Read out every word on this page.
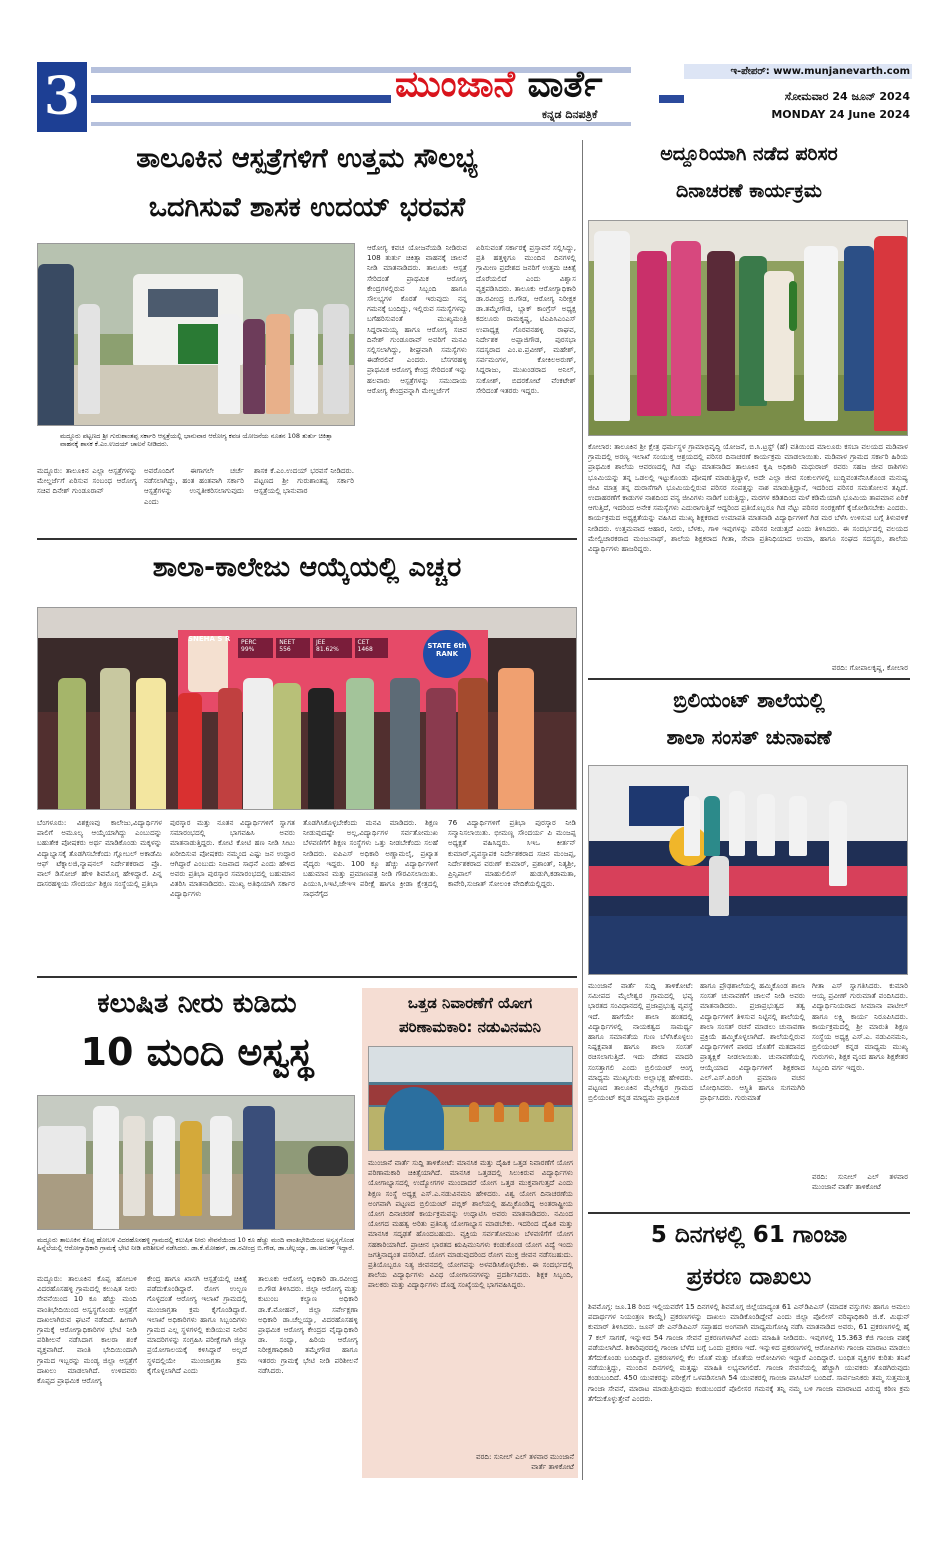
3	ಮುಂಜಾನೆ ವಾರ್ತೆ
ಕನ್ನಡ ದಿನಪತ್ರಿಕೆ
ಇ-ಪೇಪರ್: www.munjanevarth.com
ಸೋಮವಾರ 24 ಜೂನ್ 2024
MONDAY 24 June 2024
ತಾಲೂಕಿನ ಆಸ್ಪತ್ರೆಗಳಿಗೆ ಉತ್ತಮ ಸೌಲಭ್ಯ
ಒದಗಿಸುವೆ ಶಾಸಕ ಉದಯ್ ಭರವಸೆ
ಮದ್ದೂರು ಪಟ್ಟಣದ ಶ್ರೀ ಗುರುಶಾಂತಪ್ಪ ಸರ್ಕಾರಿ ಆಸ್ಪತ್ರೆಯಲ್ಲಿ ಭಾನುವಾರ ಆರೋಗ್ಯ ಕವಚ ಯೋಜನೆಯ ನೂತನ 108 ತುರ್ತು ಚಿಕಿತ್ಸಾ ವಾಹನಕ್ಕೆ ಶಾಸಕ ಕೆ.ಎಂ.ಉದಯ್ ಚಾಲನೆ ನೀಡಿದರು.
ಮದ್ದೂರು: ತಾಲೂಕಿನ ಎಲ್ಲಾ ಆಸ್ಪತ್ರೆಗಳನ್ನು ಮೇಲ್ದರ್ಜೆಗೆ ಏರಿಸುವ ಸಂಬಂಧ ಆರೋಗ್ಯ ಸಚಿವ ದಿನೇಶ್ ಗುಂಡೂರಾವ್
ಅವರೊಂದಿಗೆ ಈಗಾಗಲೇ ಚರ್ಚೆ ನಡೆಸಲಾಗಿದ್ದು, ಹಂತ ಹಂತವಾಗಿ ಸರ್ಕಾರಿ ಆಸ್ಪತ್ರೆಗಳನ್ನು ಉನ್ನತೀಕರಿಸಲಾಗುವುದು ಎಂದು
ಶಾಸಕ ಕೆ.ಎಂ.ಉದಯ್ ಭರವಸೆ ನೀಡಿದರು. ಪಟ್ಟಣದ ಶ್ರೀ ಗುರುಶಾಂತಪ್ಪ ಸರ್ಕಾರಿ ಆಸ್ಪತ್ರೆಯಲ್ಲಿ ಭಾನುವಾರ
ಆರೋಗ್ಯ ಕವಚ ಯೋಜನೆಯಡಿ ನೀಡಿರುವ 108 ತುರ್ತು ಚಿಕಿತ್ಸಾ ವಾಹನಕ್ಕೆ ಚಾಲನೆ ನೀಡಿ ಮಾತನಾಡಿದರು. ತಾಲೂಕು ಆಸ್ಪತ್ರೆ ಸೇರಿದಂತೆ ಪ್ರಾಥಮಿಕ ಆರೋಗ್ಯ ಕೇಂದ್ರಗಳಲ್ಲಿರುವ ಸಿಬ್ಬಂದಿ ಹಾಗೂ ಸೌಲಭ್ಯಗಳ ಕೊರತೆ ಇರುವುದು ನನ್ನ ಗಮನಕ್ಕೆ ಬಂದಿದ್ದು, ಇಲ್ಲಿರುವ ಸಮಸ್ಯೆಗಳನ್ನು ಬಗೆಹರಿಸುವಂತೆ ಮುಖ್ಯಮಂತ್ರಿ ಸಿದ್ದರಾಮಯ್ಯ ಹಾಗೂ ಆರೋಗ್ಯ ಸಚಿವ ದಿನೇಶ್ ಗುಂಡೂರಾವ್ ಅವರಿಗೆ ಮನವಿ ಸಲ್ಲಿಸಲಾಗಿದ್ದು, ಶೀಘ್ರವಾಗಿ ಸಮಸ್ಯೆಗಳು ಈಡೇರಲಿವೆ ಎಂದರು. ಬೆಸಗರಹಳ್ಳಿ ಪ್ರಾಥಮಿಕ ಆರೋಗ್ಯ ಕೇಂದ್ರ ಸೇರಿದಂತೆ ಇನ್ನು ಹಲವಾರು ಆಸ್ಪತ್ರೆಗಳನ್ನು ಸಮುದಾಯ ಆರೋಗ್ಯ ಕೇಂದ್ರವನ್ನಾಗಿ ಮೇಲ್ದರ್ಜೆಗೆ
ಏರಿಸುವಂತೆ ಸರ್ಕಾರಕ್ಕೆ ಪ್ರಸ್ತಾವನೆ ಸಲ್ಲಿಸಿದ್ದು, ಪ್ರತಿ ಹತ್ತಳ್ಳಿಗೂ ಮುಂದಿನ ದಿನಗಳಲ್ಲಿ ಗ್ರಾಮೀಣ ಪ್ರದೇಶದ ಜನರಿಗೆ ಉತ್ತಮ ಚಿಕಿತ್ಸೆ ದೊರೆಯಲಿದೆ ಎಂದು ವಿಶ್ವಾಸ ವ್ಯಕ್ತಪಡಿಸಿದರು. ತಾಲೂಕು ಆರೋಗ್ಯಾಧಿಕಾರಿ ಡಾ.ರವೀಂದ್ರ ಬಿ.ಗೌಡ, ಆರೋಗ್ಯ ನಿರೀಕ್ಷಕ ಡಾ.ತಮ್ಮೇಗೌಡ, ಬ್ಲಾಕ್ ಕಾಂಗ್ರೆಸ್ ಅಧ್ಯಕ್ಷ ಕದಲೂರು ರಾಮಕೃಷ್ಣ, ಟಿಎಪಿಸಿಎಂಎಸ್ ಉಪಾಧ್ಯಕ್ಷ ಗೊರವನಹಳ್ಳಿ ರಾಘವ, ನಿರ್ದೇಶಕ ಅಪ್ಪಾಜಿಗೌಡ, ಪುರಸಭಾ ಸದಸ್ಯರಾದ ಎಂ.ಐ.ಪ್ರವೀಣ್, ಮಹೇಶ್, ಸರ್ವಮಂಗಳ, ಕೋಕಿಲಅರುಣ್, ಸಿದ್ದರಾಜು, ಮುಖಂಡರಾದ ಅನಿಲ್, ಸುಕೋಶ್, ಬಿದರಕೋಟೆ ವೆಂಕಟೇಶ್ ಸೇರಿದಂತೆ ಇತರರು ಇದ್ದರು.
ಶಾಲಾ-ಕಾಲೇಜು ಆಯ್ಕೆಯಲ್ಲಿ ಎಚ್ಚರ
SNEHA S R	PERC 99%
NEET 556
JEE 81.62%
CET 1468	STATE 6th RANK
ಬೆಂಗಳೂರು: ವಿಶಕ್ಷಣವು ಕಾಲೇಜು,ವಿದ್ಯಾರ್ಥಿಗಳ ಪಾಲಿಗೆ ಅಮೂಲ್ಯ ಆಯ್ಕೆಯಾಗಿದ್ದು ಎಂಬುದನ್ನು ಬಹುತೇಕ ಪೋಷಕರು ಅರ್ಥ ಮಾಡಿಕೊಂಡು ಮಕ್ಕಳನ್ನು ವಿದ್ಯಾಭ್ಯಾಸಕ್ಕೆ ತೊಡಗಿಸಬೇಕೆಂದು ಗ್ಲೋಬಲ್ ಅಕಾಡೆಮಿ ಆಫ್ ಟೆಕ್ನಾಲಜಿ,ನ್ಯಾಷನಲ್ ನಿರ್ದೇಶಕರಾದ ಪ್ರೊ. ವಾಲ್ ಡಿಸೋಜ್ ಹೇಳಿ ಶಿವಮೊಗ್ಗ ಹೇಳಿದ್ದಾರೆ. ಪಿನ್ನ ದಾಸರಹಳ್ಳಿಯ ಸೌಂದರ್ಯ ಶಿಕ್ಷಣ ಸಂಸ್ಥೆಯಲ್ಲಿ ಪ್ರತಿಭಾ
ಪುರಸ್ಕಾರ ಮತ್ತು ನೂತನ ವಿದ್ಯಾರ್ಥಿಗಳಿಗೆ ಸ್ವಾಗತ ಸಮಾರಂಭದಲ್ಲಿ ಭಾಗವಹಿಸಿ ಅವರು ಮಾತನಾಡುತ್ತಿದ್ದರು. ಕೋಟಿ ಕೋಟಿ ಹಣ ನೀಡಿ ಸೀಟು ಖರೀದಿಸುವ ಪೋಷಕರು ನಮ್ಮಂದ ಎಷ್ಟು ಜನ ಉದ್ಧಾರ ಆಗಿದ್ದಾರೆ ಎಂಬುದು ನಿಜವಾದ ಸಾಧನೆ ಎಂದು ಹೇಳಿದ ಅವರು ಪ್ರತಿಭಾ ಪುರಸ್ಕಾರ ಸಮಾರಂಭದಲ್ಲಿ ಬಹುಮಾನ ವಿತರಿಸಿ ಮಾತನಾಡಿದರು. ಮುಖ್ಯ ಅತಿಥಿಯಾಗಿ ಸರ್ಕಾರ ವಿದ್ಯಾರ್ಥಿಗಳು
ತೊಡಗಿಸಿಕೊಳ್ಳಬೇಕೆಂದು ಮನವಿ ಮಾಡಿದರು. ಶಿಕ್ಷಣ ನೀಡುವುದಷ್ಟೇ ಅಲ್ಲ,ವಿದ್ಯಾರ್ಥಿಗಳ ಸರ್ವತೋಮುಖ ಬೆಳವಣಿಗೆಗೆ ಶಿಕ್ಷಣ ಸಂಸ್ಥೆಗಳು ಒತ್ತು ನೀಡಬೇಕೆಂದು ಸಲಹೆ ನೀಡಿದರು. ಐಪಿಎಸ್ ಅಧಿಕಾರಿ ಅಣ್ಣಾಮಲೈ, ಪ್ರಖ್ಯಾತ ವೈದ್ಯರು ಇದ್ದರು. 100 ಕ್ಕೂ ಹೆಚ್ಚು ವಿದ್ಯಾರ್ಥಿಗಳಿಗೆ ಬಹುಮಾನ ಮತ್ತು ಪ್ರಮಾಣಪತ್ರ ನೀಡಿ ಗೌರವಿಸಲಾಯಿತು. ಪಿಯುಸಿ,ಸಿಇಟಿ,ಜೇಇಇ ಪರೀಕ್ಷೆ ಹಾಗೂ ಕ್ರೀಡಾ ಕ್ಷೇತ್ರದಲ್ಲಿ ಸಾಧನೆಗೈದ
76 ವಿದ್ಯಾರ್ಥಿಗಳಿಗೆ ಪ್ರತಿಭಾ ಪುರಸ್ಕಾರ ನೀಡಿ ಸನ್ಮಾನಿಸಲಾಯಿತು. ಭೀಮಣ್ಣ ಸೌಂದರ್ಯ ಪಿ ಮಂಜಪ್ಪ ಅಧ್ಯಕ್ಷತೆ ವಹಿಸಿದ್ದರು. ಸಿಇಒ ಕೀರ್ತನ್ ಕುಮಾರ್,ವ್ಯವಸ್ಥಾಪಕ ನಿರ್ದೇಶಕರಾದ ಸಚಿನ ಮಂಜಪ್ಪ, ನಿರ್ದೇಶಕರಾದ ವರುಣ್ ಕುಮಾರ್, ಪ್ರಶಾಂತ್, ನಿತ್ಯಶ್ರೀ, ಪ್ರಿನ್ಸಿಪಾಲ್ ಮಾಹುಲಿಲಿಸ್ ಹುಡುಗಿ,ಕಡಾಮತಾ, ಕಾವೇರಿ,ಸುಜಾತ್ ಸೋಲಂಕಿ ವೇದಿಕೆಯಲ್ಲಿದ್ದರು.
ಕಲುಷಿತ ನೀರು ಕುಡಿದು
10 ಮಂದಿ ಅಸ್ವಸ್ಥ
ಮದ್ದೂರು ತಾಲೂಕಿನ ಕೊಪ್ಪ ಹೋಬಳಿ ವಿದರಹೊಸಹಳ್ಳಿ ಗ್ರಾಮದಲ್ಲಿ ಕಲುಷಿತ ನೀರು ಸೇವನೆಯಿಂದ 10 ಕೂ ಹೆಚ್ಚು ಮಂದಿ ವಾಂತಿಭೇದಿಯಿಂದ ಅಸ್ವಸ್ಥಗೊಂಡ ಹಿನ್ನೆಲೆಯಲ್ಲಿ ಆರೋಗ್ಯಾಧಿಕಾರಿ ಗ್ರಾಮಕ್ಕೆ ಭೇಟಿ ನೀಡಿ ಪರಿಶೀಲನೆ ನಡೆಸಿದರು. ಡಾ.ಕೆ.ಮೋಹನ್, ಡಾ.ರವೀಂದ್ರ ಬಿ.ಗೌಡ, ಡಾ.ಚೆಲ್ಲಯ್ಯಾ, ಡಾ.ಅರುಣ್ ಇದ್ದಾರೆ.
ಮದ್ದೂರು: ತಾಲೂಕಿನ ಕೊಪ್ಪ ಹೋಬಳಿ ವಿದರಹೊಸಹಳ್ಳಿ ಗ್ರಾಮದಲ್ಲಿ ಕಲುಷಿತ ನೀರು ಸೇವನೆಯಿಂದ 10 ಕೂ ಹೆಚ್ಚು ಮಂದಿ ವಾಂತಿಭೇದಿಯಿಂದ ಅಸ್ವಸ್ಥಗೊಂಡು ಆಸ್ಪತ್ರೆಗೆ ದಾಖಲಾಗಿರುವ ಘಟನೆ ನಡೆದಿದೆ. ಹೀಗಾಗಿ ಗ್ರಾಮಕ್ಕೆ ಆರೋಗ್ಯಾಧಿಕಾರಿಗಳ ಭೇಟಿ ನೀಡಿ ಪರಿಶೀಲನೆ ನಡೆಸಿದಾಗ ಕಾಲರಾ ಶಂಕೆ ವ್ಯಕ್ತವಾಗಿದೆ. ವಾಂತಿ ಭೇದಿಯಿಂದಾಗಿ ಗ್ರಾಮದ ಇಬ್ಬರನ್ನು ಮಂಡ್ಯ ಜಿಲ್ಲಾ ಆಸ್ಪತ್ರೆಗೆ ದಾಖಲು ಮಾಡಲಾಗಿದೆ. ಉಳಿದವರು ಕೊಪ್ಪದ ಪ್ರಾಥಮಿಕ ಆರೋಗ್ಯ
ಕೇಂದ್ರ ಹಾಗೂ ಖಾಸಗಿ ಆಸ್ಪತ್ರೆಯಲ್ಲಿ ಚಿಕಿತ್ಸೆ ಪಡೆದುಕೊಂಡಿದ್ದಾರೆ. ರೋಗ ಉಲ್ಬಣ ಗೊಳ್ಳದಂತೆ ಆರೋಗ್ಯ ಇಲಾಖೆ ಗ್ರಾಮದಲ್ಲಿ ಮುಂಜಾಗ್ರತಾ ಕ್ರಮ ಕೈಗೊಂಡಿದ್ದಾರೆ. ಇಲಾಖೆ ಅಧಿಕಾರಿಗಳು ಹಾಗೂ ಸಿಬ್ಬಂದಿಗಳು ಗ್ರಾಮದ ಎಲ್ಲ ಸ್ಥಳಗಳಲ್ಲಿ ಕುಡಿಯುವ ನೀರಿನ ಮಾದರಿಗಳನ್ನು ಸಂಗ್ರಹಿಸಿ ಪರೀಕ್ಷೆಗಾಗಿ ಜಿಲ್ಲಾ ಪ್ರಯೋಗಾಲಯಕ್ಕೆ ಕಳಿಸಿದ್ದಾರೆ ಅಲ್ಲದೆ ಸ್ಥಳದಲ್ಲಿಯೇ ಮುಂಜಾಗ್ರತಾ ಕ್ರಮ ಕೈಗೊಳ್ಳಲಾಗಿದೆ ಎಂದು
ತಾಲೂಕು ಆರೋಗ್ಯ ಅಧಿಕಾರಿ ಡಾ.ರವೀಂದ್ರ ಬಿ.ಗೌಡ ತಿಳಿಸಿದರು. ಜಿಲ್ಲಾ ಆರೋಗ್ಯ ಮತ್ತು ಕುಟುಂಬ ಕಲ್ಯಾಣ ಅಧಿಕಾರಿ ಡಾ.ಕೆ.ಮೋಹನ್, ಜಿಲ್ಲಾ ಸರ್ವೇಕ್ಷಣಾ ಅಧಿಕಾರಿ ಡಾ.ಚೆಲ್ಲಯ್ಯಾ, ವಿದರಹೊಸಹಳ್ಳಿ ಪ್ರಾಥಮಿಕ ಆರೋಗ್ಯ ಕೇಂದ್ರದ ವೈದ್ಯಾಧಿಕಾರಿ ಡಾ. ಸಂಧ್ಯಾ, ಹಿರಿಯ ಆರೋಗ್ಯ ನಿರೀಕ್ಷಣಾಧಿಕಾರಿ ತಮ್ಮೇಗೌಡ ಹಾಗೂ ಇತರರು ಗ್ರಾಮಕ್ಕೆ ಭೇಟಿ ನೀಡಿ ಪರಿಶೀಲನೆ ನಡೆಸಿದರು.
ಒತ್ತಡ ನಿವಾರಣೆಗೆ ಯೋಗ
ಪರಿಣಾಮಕಾರಿ: ನಡುವಿನಮನಿ
ಮುಂಜಾನೆ ವಾರ್ತೆ ಸುದ್ದಿ ತಾಳಿಕೋಟೆ: ಮಾನಸಿಕ ಮತ್ತು ದೈಹಿಕ ಒತ್ತಡ ನಿವಾರಣೆಗೆ ಯೋಗ ಪರಿಣಾಮಕಾರಿ ಚಿಕಿತ್ಸೆಯಾಗಿದೆ. ಮಾನಸಿಕ ಒತ್ತಡದಲ್ಲಿ ಸಿಲುಕಿರುವ ವಿದ್ಯಾರ್ಥಿಗಳು ಯೋಗಾಭ್ಯಾಸದಲ್ಲಿ ಉದ್ಯೋಗಗಳ ಮುಂದಾದರೆ ಯೋಗ ಒತ್ತಡ ಮುಕ್ತವಾಗುತ್ತದೆ ಎಂದು ಶಿಕ್ಷಣ ಸಂಸ್ಥೆ ಅಧ್ಯಕ್ಷ ಎಸ್.ಎ.ನಡುವಿನಮನಿ ಹೇಳಿದರು. ವಿಶ್ವ ಯೋಗ ದಿನಾಚರಣೆಯ ಅಂಗವಾಗಿ ಪಟ್ಟಣದ ಬ್ರಿಲಿಯಂಟ್ ಪಬ್ಲಿಕ್ ಶಾಲೆಯಲ್ಲಿ ಹಮ್ಮಿಕೊಂಡಿದ್ದ ಅಂತರಾಷ್ಟ್ರೀಯ ಯೋಗ ದಿನಾಚರಣೆ ಕಾರ್ಯಕ್ರಮವನ್ನು ಉದ್ಘಾಟಿಸಿ ಅವರು ಮಾತನಾಡಿದರು. ನಮಿಂದ ಯೋಗದ ಮಹತ್ವ ಅರಿತು ಪ್ರತಿನಿತ್ಯ ಯೋಗಾಭ್ಯಾಸ ಮಾಡಬೇಕು. ಇದರಿಂದ ದೈಹಿಕ ಮತ್ತು ಮಾನಸಿಕ ಸದೃಢತೆ ಹೊಂದಬಹುದು. ವ್ಯಕ್ತಿಯ ಸರ್ವತೋಮುಖ ಬೆಳವಣಿಗೆಗೆ ಯೋಗ ಸಹಕಾರಿಯಾಗಿದೆ. ಪ್ರಾಚೀನ ಭಾರತದ ಋಷಿಮುನಿಗಳು ಕಂಡುಕೊಂಡ ಯೋಗ ವಿದ್ಯೆ ಇಂದು ಜಗತ್ತಿನಾದ್ಯಂತ ಪಸರಿಸಿದೆ. ಯೋಗ ಮಾಡುವುದರಿಂದ ರೋಗ ಮುಕ್ತ ಜೀವನ ನಡೆಸಬಹುದು. ಪ್ರತಿಯೊಬ್ಬರೂ ನಿತ್ಯ ಜೀವನದಲ್ಲಿ ಯೋಗವನ್ನು ಅಳವಡಿಸಿಕೊಳ್ಳಬೇಕು. ಈ ಸಂದರ್ಭದಲ್ಲಿ ಶಾಲೆಯ ವಿದ್ಯಾರ್ಥಿಗಳು ವಿವಿಧ ಯೋಗಾಸನಗಳನ್ನು ಪ್ರದರ್ಶಿಸಿದರು. ಶಿಕ್ಷಕ ಸಿಬ್ಬಂದಿ, ಪಾಲಕರು ಮತ್ತು ವಿದ್ಯಾರ್ಥಿಗಳು ದೊಡ್ಡ ಸಂಖ್ಯೆಯಲ್ಲಿ ಭಾಗವಹಿಸಿದ್ದರು.
ವರದಿ: ಸುನೀಲ್ ಎಲ್ ತಳವಾರ ಮುಂಜಾನೆ ವಾರ್ತೆ ತಾಳಿಕೋಟೆ
ಅದ್ದೂರಿಯಾಗಿ ನಡೆದ ಪರಿಸರ
ದಿನಾಚರಣೆ ಕಾರ್ಯಕ್ರಮ
ಕೋಲಾರ: ತಾಲೂಕಿನ ಶ್ರೀ ಕ್ಷೇತ್ರ ಧರ್ಮಸ್ಥಳ ಗ್ರಾಮಾಭಿವೃದ್ಧಿ ಯೋಜನೆ, ಬಿ.ಸಿ.ಟ್ರಸ್ಟ್ (ಹೆ) ವತಿಯಿಂದ ಮಾಲೂರು ಕಸಬಾ ವಲಯದ ಮಡಿವಾಳ ಗ್ರಾಮದಲ್ಲಿ ಅರಣ್ಯ ಇಲಾಖೆ ಸಂಯುಕ್ತ ಆಶ್ರಯದಲ್ಲಿ ಪರಿಸರ ದಿನಾಚರಣೆ ಕಾರ್ಯಕ್ರಮ ಮಾಡಲಾಯಿತು. ಮಡಿವಾಳ ಗ್ರಾಮದ ಸರ್ಕಾರಿ ಹಿರಿಯ ಪ್ರಾಥಮಿಕ ಶಾಲೆಯ ಆವರಣದಲ್ಲಿ ಗಿಡ ನೆಟ್ಟು ಮಾತನಾಡಿದ ತಾಲೂಕಿನ ಕೃಷಿ ಅಧಿಕಾರಿ ಮಧುರಾಜ್ ರವರು ಸಹಜ ಜೀವ ರಾಶಿಗಳು ಭೂಮಿಯನ್ನು ತನ್ನ ಒಡಲಲ್ಲಿ ಇಟ್ಟುಕೊಂಡು ಪೋಷಣೆ ಮಾಡುತ್ತಿದ್ದಾಳೆ, ಅದೇ ಎಲ್ಲಾ ಜೀವ ಸಂಕುಲಗಳಲ್ಲಿ ಬುದ್ಧಿವಂತನೆನಿಸಿಕೊಂಡ ಮನುಷ್ಯ ಜೀವಿ ಮಾತ್ರ ತನ್ನ ದುರಾಸೆಗಾಗಿ ಭೂಮಿಯಲ್ಲಿರುವ ಪರಿಸರ ಸಂಪತ್ತನ್ನು ನಾಶ ಮಾಡುತ್ತಿದ್ದಾನೆ, ಇದರಿಂದ ಪರಿಸರ ಸಮತೋಲನ ತಪ್ಪಿದೆ. ಉದಾಹರಣೆಗೆ ಕಾಡುಗಳ ನಾಶದಿಂದ ವನ್ಯ ಜೀವಿಗಳು ನಾಡಿಗೆ ಬರುತ್ತಿದ್ದು, ಮರಗಳ ಕಡಿತದಿಂದ ಮಳೆ ಕಡಿಮೆಯಾಗಿ ಭೂಮಿಯ ತಾಪಮಾನ ಏರಿಕೆ ಆಗುತ್ತಿದೆ, ಇದರಿಂದ ಅನೇಕ ಸಮಸ್ಯೆಗಳು ಎದುರಾಗುತ್ತಿವೆ ಆದ್ದರಿಂದ ಪ್ರತಿಯೊಬ್ಬರೂ ಗಿಡ ನೆಟ್ಟು ಪರಿಸರ ಸಂರಕ್ಷಣೆಗೆ ಕೈಜೋಡಿಸಬೇಕು ಎಂದರು. ಕಾರ್ಯಕ್ರಮದ ಅಧ್ಯಕ್ಷತೆಯನ್ನು ವಹಿಸಿದ ಮುಖ್ಯ ಶಿಕ್ಷಕರಾದ ಉಮಾಪತಿ ಮಾತನಾಡಿ ವಿದ್ಯಾರ್ಥಿಗಳಿಗೆ ಗಿಡ ಮರ ಬೆಳೆಸಿ ಉಳಿಸುವ ಬಗ್ಗೆ ತಿಳುವಳಿಕೆ ನೀಡಿದರು. ಉತ್ತಮವಾದ ಆಹಾರ, ನೀರು, ಬೆಳಕು, ಗಾಳಿ ಇವುಗಳನ್ನು ಪರಿಸರ ನೀಡುತ್ತದೆ ಎಂದು ತಿಳಿಸಿದರು. ಈ ಸಂದರ್ಭದಲ್ಲಿ ವಲಯದ ಮೇಲ್ವಿಚಾರಕರಾದ ಮಂಜುನಾಥ್, ಶಾಲೆಯ ಶಿಕ್ಷಕರಾದ ಗೀತಾ, ಸೇವಾ ಪ್ರತಿನಿಧಿಯಾದ ಉಮಾ, ಹಾಗೂ ಸಂಘದ ಸದಸ್ಯರು, ಶಾಲೆಯ ವಿದ್ಯಾರ್ಥಿಗಳು ಹಾಜರಿದ್ದರು.
ವರದಿ: ಗೋಪಾಲಕೃಷ್ಣ, ಕೋಲಾರ
ಬ್ರಿಲಿಯಂಟ್ ಶಾಲೆಯಲ್ಲಿ
ಶಾಲಾ ಸಂಸತ್ ಚುನಾವಣೆ
ಮುಂಜಾನೆ ವಾರ್ತೆ ಸುದ್ದಿ ತಾಳಿಕೋಟೆ: ಸಮೀಪದ ಮೈಲೇಶ್ವರ ಗ್ರಾಮದಲ್ಲಿ ಭವ್ಯ ಭಾರತದ ಸಂವಿಧಾನದಲ್ಲಿ ಪ್ರಜಾಪ್ರಭುತ್ವ ವ್ಯವಸ್ಥೆ ಇದೆ. ಹಾಗೆಯೇ ಶಾಲಾ ಹಂತದಲ್ಲಿ ವಿದ್ಯಾರ್ಥಿಗಳಲ್ಲಿ ನಾಯಕತ್ವದ ಸಾಮರ್ಥ್ಯ ಹಾಗೂ ಸಮಾನತೆಯ ಗುಣ ಬೆಳೆಸಿಕೊಳ್ಳಲು ನಿಷ್ಪಕ್ಷಪಾತ ಹಾಗೂ ಶಾಲಾ ಸಂಸತ್ ರಚಿಸಲಾಗುತ್ತಿದೆ. ಇದು ದೇಶದ ಮಾದರಿ ಸಂಸತ್ತಾಗಲಿ ಎಂದು ಬ್ರಿಲಿಯಂಟ್ ಆಂಗ್ಲ ಮಾಧ್ಯಮ ಮುಖ್ಯಗುರು ಅಲ್ಲಾಭಕ್ಷ ಹೇಳಿದರು. ಪಟ್ಟಣದ ತಾಲೂಕಿನ ಮೈಲೇಶ್ವರ ಗ್ರಾಮದ ಬ್ರಿಲಿಯಂಟ್ ಕನ್ನಡ ಮಾಧ್ಯಮ ಪ್ರಾಥಮಿಕ
ಹಾಗೂ ಪ್ರೌಢಶಾಲೆಯಲ್ಲಿ ಹಮ್ಮಿಕೊಂಡ ಶಾಲಾ ಸಂಸತ್ ಚುನಾವಣೆಗೆ ಚಾಲನೆ ನೀಡಿ ಅವರು ಮಾತನಾಡಿದರು. ಪ್ರಜಾಪ್ರಭುತ್ವದ ತತ್ವ ವಿದ್ಯಾರ್ಥಿಗಳಿಗೆ ತಿಳಿಸುವ ನಿಟ್ಟಿನಲ್ಲಿ ಶಾಲೆಯಲ್ಲಿ ಶಾಲಾ ಸಂಸತ್ ರಚನೆ ಮಾಡಲು ಚುನಾವಣಾ ಪ್ರಕ್ರಿಯೆ ಹಮ್ಮಿಕೊಳ್ಳಲಾಗಿದೆ. ಶಾಲೆಯಲ್ಲಿರುವ ವಿದ್ಯಾರ್ಥಿಗಳಿಗೆ ಪಾಠದ ಜೊತೆಗೆ ಮತದಾನದ ಪ್ರಾತ್ಯಕ್ಷಿಕೆ ನೀಡಲಾಯಿತು. ಚುನಾವಣೆಯಲ್ಲಿ ಆಯ್ಕೆಯಾದ ವಿದ್ಯಾರ್ಥಿಗಳಿಗೆ ಶಿಕ್ಷಕರಾದ ಎಲ್.ಎಸ್.ಪಿರಂಗಿ ಪ್ರಮಾಣ ವಚನ ಬೋಧಿಸಿದರು. ಆಸ್ಥಿತಿ ಹಾಗೂ ಸುಗಮಗಿರಿ ಪ್ರಾರ್ಥಿಸಿದರು. ಗುರುಮಾತೆ
ಗೀತಾ ಎಸ್ ಸ್ವಾಗತಿಸಿದರು. ಕುಮಾರಿ ಆಯ್ಯ ಪ್ರವೀಣ್ ಗುರುಮಾತೆ ವಂದಿಸಿದರು. ವಿದ್ಯಾರ್ಥಿನಿಯರಾದ ಸೀಮಾನಾ ಪಾಟೀಲ್ ಹಾಗೂ ಲಕ್ಷ್ಮಿ ಕಾರ್ಯ ನಿರೂಪಿಸಿದರು. ಕಾರ್ಯಕ್ರಮದಲ್ಲಿ ಶ್ರೀ ಮಾರುತಿ ಶಿಕ್ಷಣ ಸಂಸ್ಥೆಯ ಅಧ್ಯಕ್ಷ ಎಸ್.ಎ. ನಡುವಿನಮನಿ, ಬ್ರಿಲಿಯಂಟ್ ಕನ್ನಡ ಮಾಧ್ಯಮ ಮುಖ್ಯ ಗುರುಗಳು, ಶಿಕ್ಷಕ ವೃಂದ ಹಾಗೂ ಶಿಕ್ಷಕೇತರ ಸಿಬ್ಬಂದಿ ವರ್ಗ ಇದ್ದರು.
ವರದಿ: ಸುನೀಲ್ ಎಲ್ ತಳವಾರ ಮುಂಜಾನೆ ವಾರ್ತೆ ತಾಳಿಕೋಟೆ
5 ದಿನಗಳಲ್ಲಿ 61 ಗಾಂಜಾ
ಪ್ರಕರಣ ದಾಖಲು
ಶಿವಮೊಗ್ಗ: ಜೂ.18 ರಿಂದ ಇಲ್ಲಿಯವರೆಗೆ 15 ದಿನಗಳಲ್ಲಿ ಶಿವಮೊಗ್ಗ ಜಿಲ್ಲೆಯಾದ್ಯಂತ 61 ಎನ್‌ಡಿಪಿಎಸ್ (ಮಾದಕ ವಸ್ತುಗಳು ಹಾಗೂ ಅಮಲು ಪದಾರ್ಥಗಳ ನಿಯಂತ್ರಣ ಕಾಯ್ದೆ) ಪ್ರಕರಣಗಳನ್ನು ದಾಖಲು ಮಾಡಿಕೊಂಡಿದ್ದೇವೆ ಎಂದು ಜಿಲ್ಲಾ ಪೊಲೀಸ್ ವರಿಷ್ಠಾಧಿಕಾರಿ ಜಿ.ಕೆ. ಮಿಥುನ್ ಕುಮಾರ್ ತಿಳಿಸಿದರು. ಜೂನ್ ಡೇ ಎನ್‌ಡಿಪಿಎಸ್ ಸಪ್ತಾಹದ ಅಂಗವಾಗಿ ಮಾಧ್ಯಮಗೋಷ್ಠಿ ನಡೆಸಿ ಮಾತನಾಡಿದ ಅವರು, 61 ಪ್ರಕರಣಗಳಲ್ಲಿ ಹೈ 7 ಕಲ್ ಸಾಗಣೆ, ಇನ್ನುಳಿದ 54 ಗಾಂಜಾ ಸೇವನೆ ಪ್ರಕರಣಗಳಾಗಿವೆ ಎಂದು ಮಾಹಿತಿ ನೀಡಿದರು. ಇವುಗಳಲ್ಲಿ 15.363 ಕೆಜಿ ಗಾಂಜಾ ವಶಕ್ಕೆ ಪಡೆಯಲಾಗಿದೆ. ಶಿಕಾರಿಪುರದಲ್ಲಿ ಗಾಂಜಾ ಬೆಳೆದ ಬಗ್ಗೆ ಒಂದು ಪ್ರಕರಣ ಇದೆ. ಇನ್ನುಳಿದ ಪ್ರಕರಣಗಳಲ್ಲಿ ಆರೋಪಿಗಳು ಗಾಂಜಾ ಮಾರಾಟ ಮಾಡಲು ತೆಗೆದುಕೊಂಡು ಬಂದಿದ್ದಾರೆ. ಪ್ರಕರಣಗಳಲ್ಲಿ ಕೆಲ ಜೊತೆ ಮತ್ತು ಜೊತೆಯ ಆರೋಪಿಗಳು ಇದ್ದಾರೆ ಎಂದಿದ್ದಾರೆ. ಬಂಧಿತ ವ್ಯಕ್ತಿಗಳ ಕುರಿತು ತನಿಖೆ ನಡೆಯುತ್ತಿದ್ದು, ಮುಂದಿನ ದಿನಗಳಲ್ಲಿ ಮತ್ತಷ್ಟು ಮಾಹಿತಿ ಲಭ್ಯವಾಗಲಿದೆ. ಗಾಂಜಾ ಸೇವನೆಯಲ್ಲಿ ಹೆಚ್ಚಾಗಿ ಯುವಕರು ತೊಡಗಿರುವುದು ಕಂಡುಬಂದಿದೆ. 450 ಯುವಕರನ್ನು ಪರೀಕ್ಷೆಗೆ ಒಳಪಡಿಸಲಾಗಿ 54 ಯುವಕರಲ್ಲಿ ಗಾಂಜಾ ಪಾಸಿಟಿವ್ ಬಂದಿದೆ. ಸಾರ್ವಜನಿಕರು ತಮ್ಮ ಸುತ್ತಮುತ್ತ ಗಾಂಜಾ ಸೇವನೆ, ಮಾರಾಟ ಮಾಡುತ್ತಿರುವುದು ಕಂಡುಬಂದರೆ ಪೊಲೀಸರ ಗಮನಕ್ಕೆ ತನ್ನಿ ನಮ್ಮ ಬಳಿ ಗಾಂಜಾ ಮಾರಾಟದ ವಿರುದ್ಧ ಕಠಿಣ ಕ್ರಮ ತೆಗೆದುಕೊಳ್ಳುತ್ತೇವೆ ಎಂದರು.
